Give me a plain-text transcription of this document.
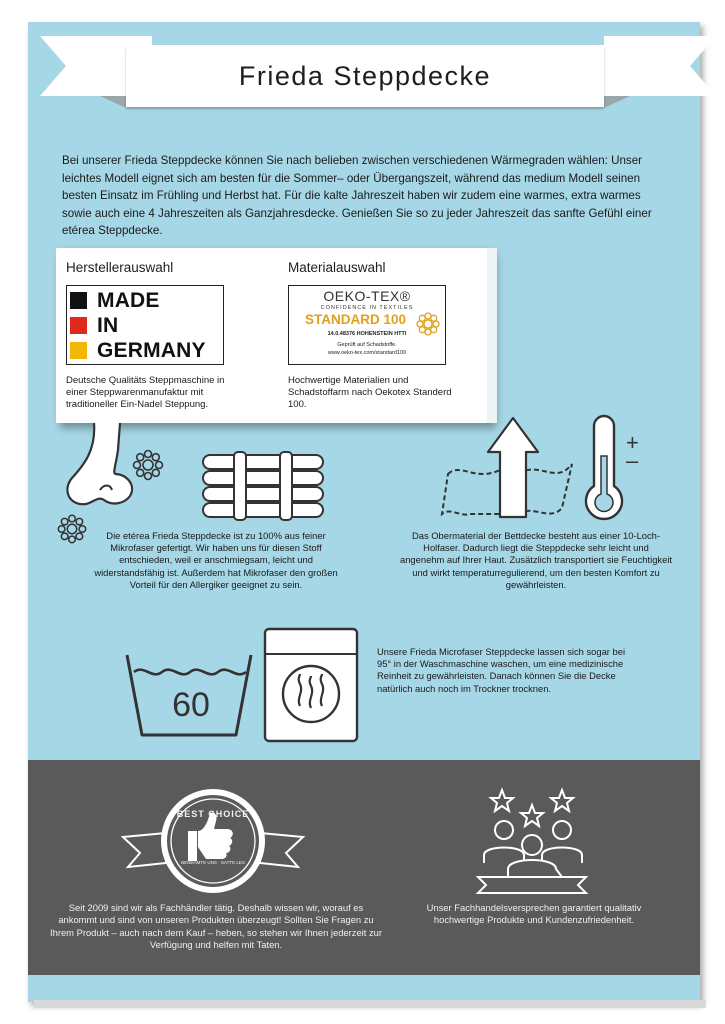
Frieda Steppdecke
Bei unserer Frieda Steppdecke können Sie nach belieben zwischen verschiedenen Wärmegraden wählen: Unser leichtes Modell eignet sich am besten für die Sommer– oder Übergangszeit, während das medium Modell seinen besten Einsatz im Frühling und Herbst hat. Für die kalte Jahreszeit haben wir zudem eine warmes, extra warmes sowie auch eine 4 Jahreszeiten als Ganzjahresdecke. Genießen Sie so zu jeder Jahreszeit das sanfte Gefühl einer etérea Steppdecke.
Herstellerauswahl	Materialauswahl
MADE
IN
GERMANY
OEKO-TEX®
CONFIDENCE IN TEXTILES
STANDARD 100
14.0.48376 HOHENSTEIN HTTI
Geprüft auf Schadstoffe.
www.oeko-tex.com/standard100
Deutsche Qualitäts Steppmaschine in einer Steppwarenmanufaktur mit traditioneller Ein-Nadel Steppung.
Hochwertige Materialien und Schadstoffarm nach Oekotex Standerd 100.
+
–
Die etérea Frieda Steppdecke ist zu 100% aus feiner Mikrofaser gefertigt. Wir haben uns für diesen Stoff entschieden, weil er anschmiegsam, leicht und widerstandsfähig ist. Außerdem hat Mikrofaser den großen Vorteil für den Allergiker geeignet zu sein.
Das Obermaterial der Bettdecke besteht aus einer 10-Loch-Holfaser. Dadurch liegt die Steppdecke sehr leicht und angenehm auf Ihrer Haut. Zusätzlich transportiert sie Feuchtigkeit und wirkt temperaturregulierend, um den besten Komfort zu gewährleisten.
60
Unsere Frieda Microfaser Steppdecke lassen sich sogar bei 95° in der Waschmaschine waschen, um eine medizinische Reinheit zu gewährleisten. Danach können Sie die Decke natürlich auch noch im Trockner trocknen.
BEST CHOICE
BENEHMTE UNS · SATTE LES
Seit 2009 sind wir als Fachhändler tätig. Deshalb wissen wir, worauf es ankommt und sind von unseren Produkten überzeugt! Sollten Sie Fragen zu Ihrem Produkt – auch nach dem Kauf – heben, so stehen wir Ihnen jederzeit zur Verfügung und helfen mit Taten.
Unser Fachhandelsversprechen garantiert qualitativ hochwertige Produkte und Kundenzufriedenheit.
